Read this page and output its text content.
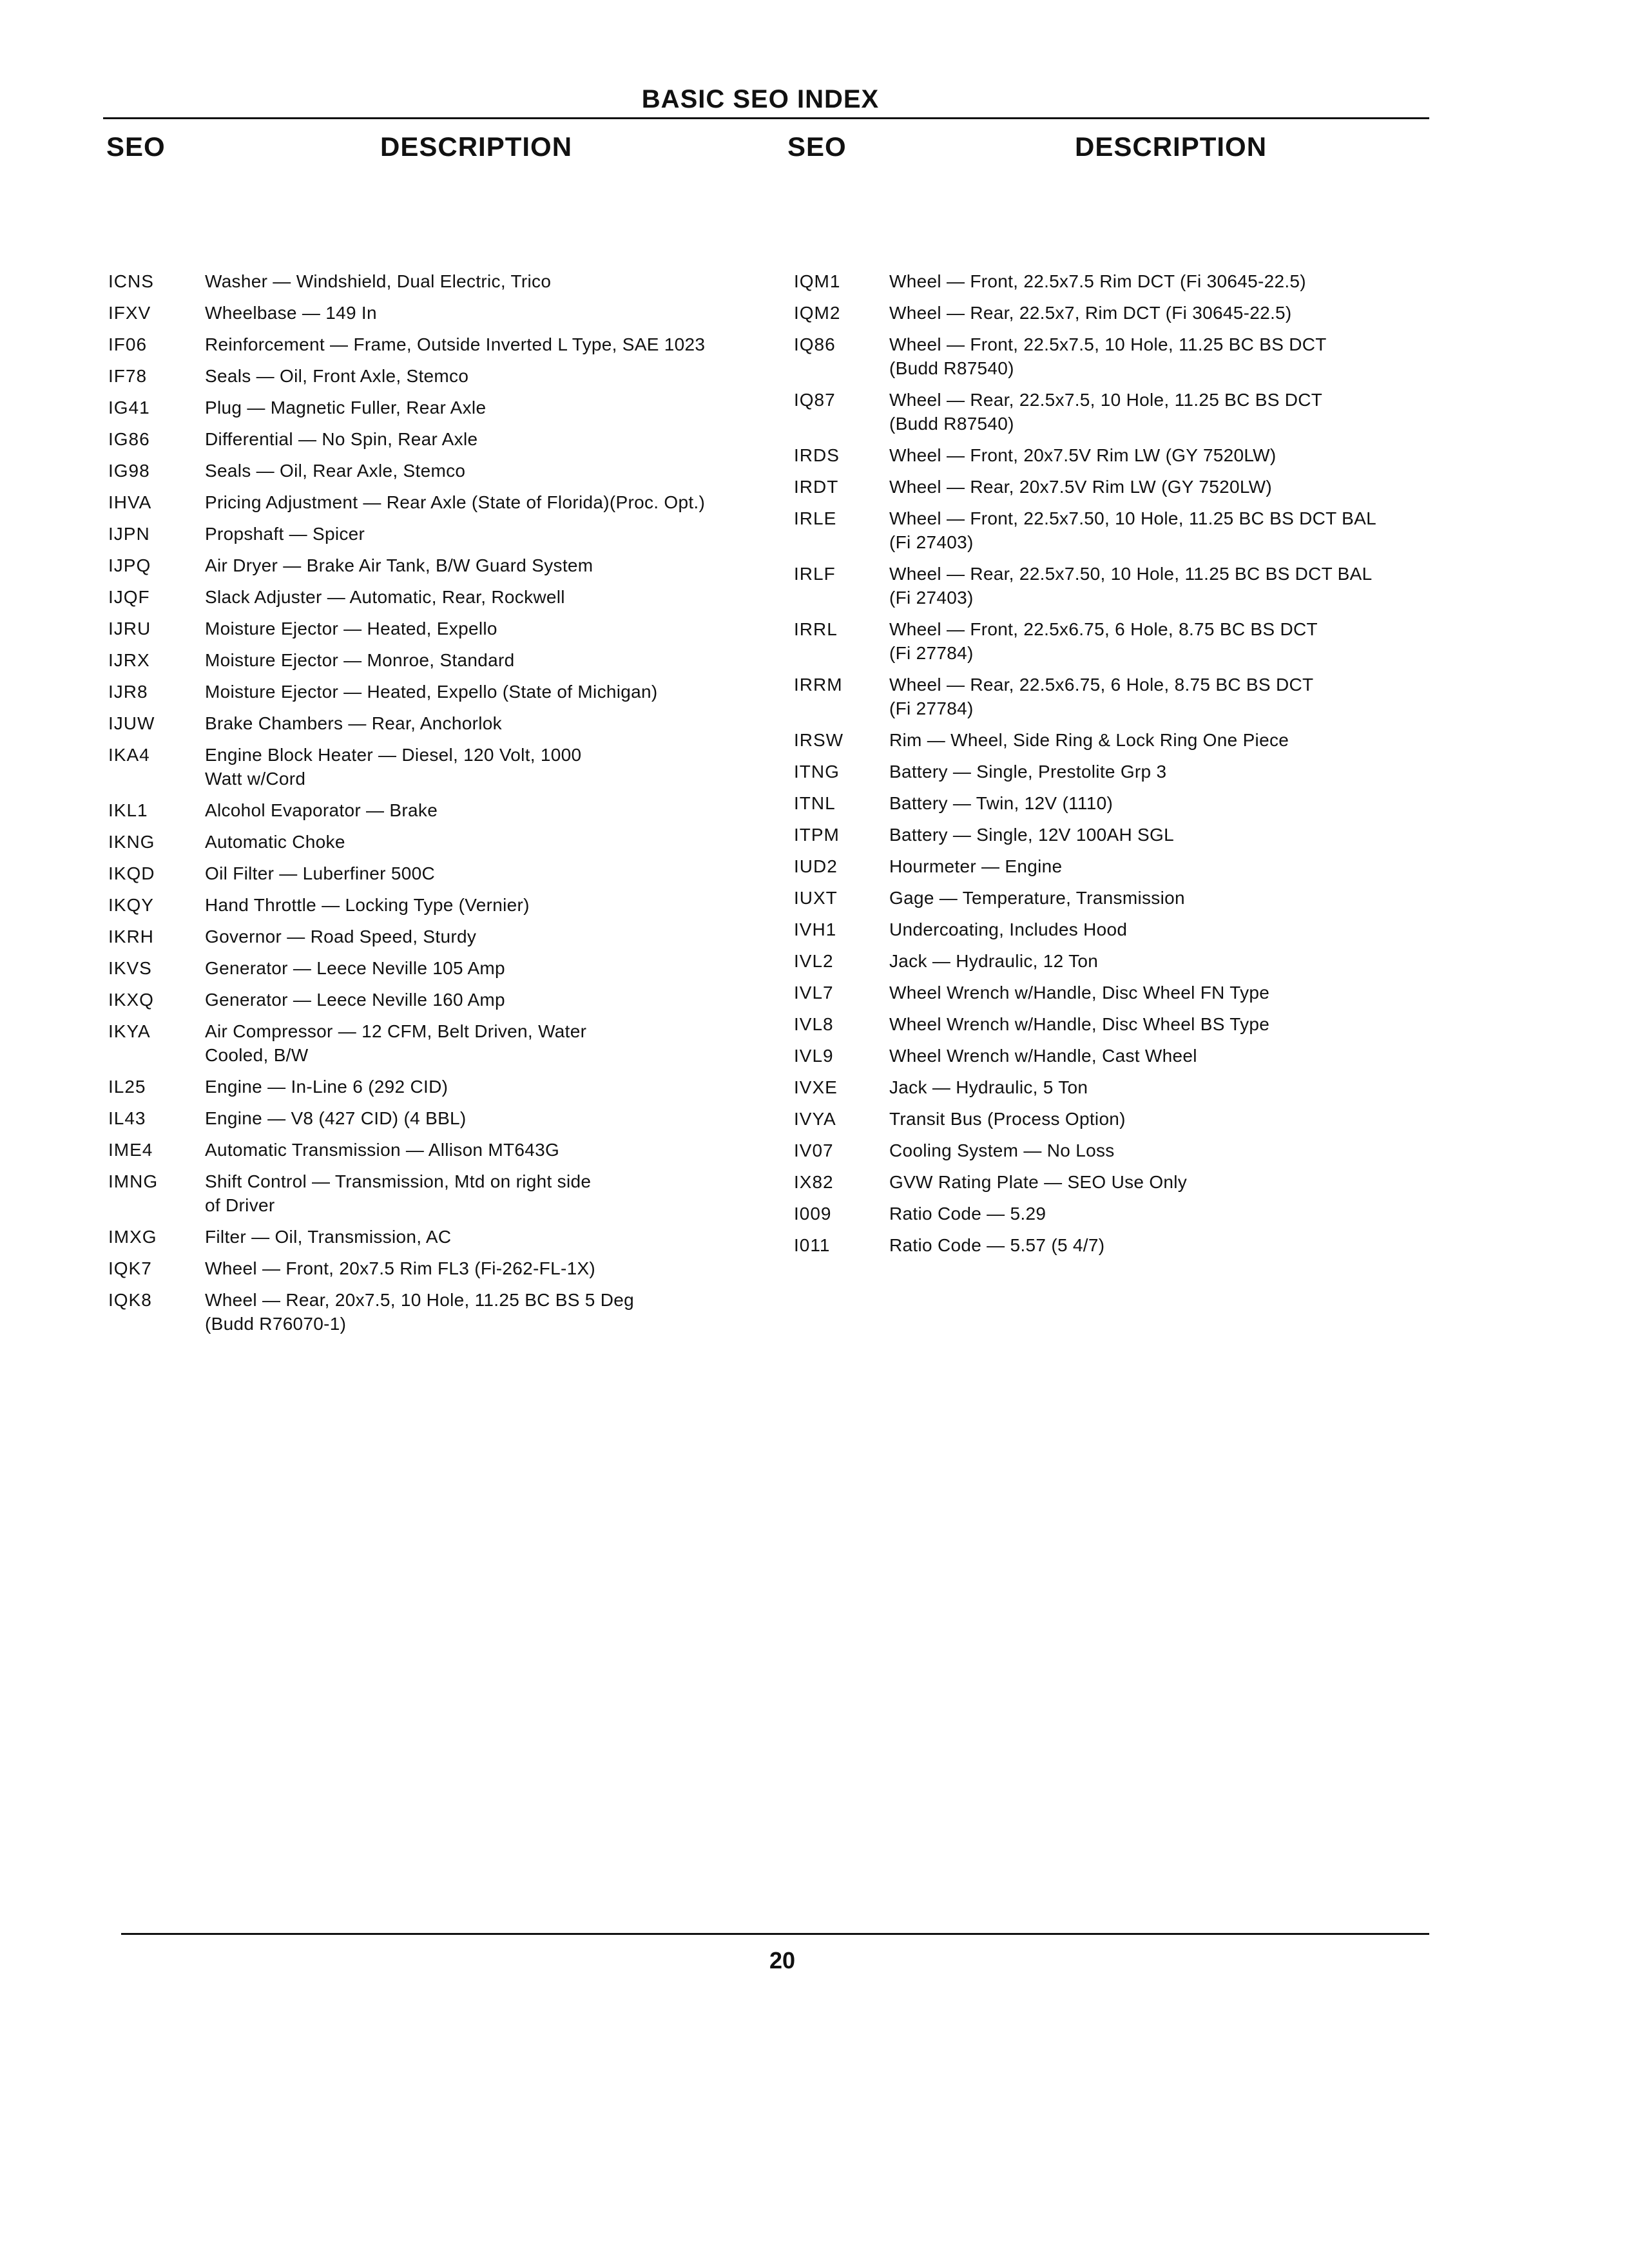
BASIC SEO INDEX
SEO	DESCRIPTION	SEO	DESCRIPTION
ICNS	Washer — Windshield, Dual Electric, Trico
IFXV	Wheelbase — 149 In
IF06	Reinforcement — Frame, Outside Inverted L Type, SAE 1023
IF78	Seals — Oil, Front Axle, Stemco
IG41	Plug — Magnetic Fuller, Rear Axle
IG86	Differential — No Spin, Rear Axle
IG98	Seals — Oil, Rear Axle, Stemco
IHVA	Pricing Adjustment — Rear Axle (State of Florida)(Proc. Opt.)
IJPN	Propshaft — Spicer
IJPQ	Air Dryer — Brake Air Tank, B/W Guard System
IJQF	Slack Adjuster — Automatic, Rear, Rockwell
IJRU	Moisture Ejector — Heated, Expello
IJRX	Moisture Ejector — Monroe, Standard
IJR8	Moisture Ejector — Heated, Expello (State of Michigan)
IJUW	Brake Chambers — Rear, Anchorlok
IKA4	Engine Block Heater — Diesel, 120 Volt, 1000
Watt w/Cord
IKL1	Alcohol Evaporator — Brake
IKNG	Automatic Choke
IKQD	Oil Filter — Luberfiner 500C
IKQY	Hand Throttle — Locking Type (Vernier)
IKRH	Governor — Road Speed, Sturdy
IKVS	Generator — Leece Neville 105 Amp
IKXQ	Generator — Leece Neville 160 Amp
IKYA	Air Compressor — 12 CFM, Belt Driven, Water
Cooled, B/W
IL25	Engine — In-Line 6 (292 CID)
IL43	Engine — V8 (427 CID) (4 BBL)
IME4	Automatic Transmission — Allison MT643G
IMNG	Shift Control — Transmission, Mtd on right side
of Driver
IMXG	Filter — Oil, Transmission, AC
IQK7	Wheel — Front, 20x7.5 Rim FL3 (Fi-262-FL-1X)
IQK8	Wheel — Rear, 20x7.5, 10 Hole, 11.25 BC BS 5 Deg
(Budd R76070-1)
IQM1	Wheel — Front, 22.5x7.5 Rim DCT (Fi 30645-22.5)
IQM2	Wheel — Rear, 22.5x7, Rim DCT (Fi 30645-22.5)
IQ86	Wheel — Front, 22.5x7.5, 10 Hole, 11.25 BC BS DCT
(Budd R87540)
IQ87	Wheel — Rear, 22.5x7.5, 10 Hole, 11.25 BC BS DCT
(Budd R87540)
IRDS	Wheel — Front, 20x7.5V Rim LW (GY 7520LW)
IRDT	Wheel — Rear, 20x7.5V Rim LW (GY 7520LW)
IRLE	Wheel — Front, 22.5x7.50, 10 Hole, 11.25 BC BS DCT BAL
(Fi 27403)
IRLF	Wheel — Rear, 22.5x7.50, 10 Hole, 11.25 BC BS DCT BAL
(Fi 27403)
IRRL	Wheel — Front, 22.5x6.75, 6 Hole, 8.75 BC BS DCT
(Fi 27784)
IRRM	Wheel — Rear, 22.5x6.75, 6 Hole, 8.75 BC BS DCT
(Fi 27784)
IRSW	Rim — Wheel, Side Ring & Lock Ring One Piece
ITNG	Battery — Single, Prestolite Grp 3
ITNL	Battery — Twin, 12V (1110)
ITPM	Battery — Single, 12V 100AH SGL
IUD2	Hourmeter — Engine
IUXT	Gage — Temperature, Transmission
IVH1	Undercoating, Includes Hood
IVL2	Jack — Hydraulic, 12 Ton
IVL7	Wheel Wrench w/Handle, Disc Wheel FN Type
IVL8	Wheel Wrench w/Handle, Disc Wheel BS Type
IVL9	Wheel Wrench w/Handle, Cast Wheel
IVXE	Jack — Hydraulic, 5 Ton
IVYA	Transit Bus (Process Option)
IV07	Cooling System — No Loss
IX82	GVW Rating Plate — SEO Use Only
I009	Ratio Code — 5.29
I011	Ratio Code — 5.57 (5 4/7)
20
